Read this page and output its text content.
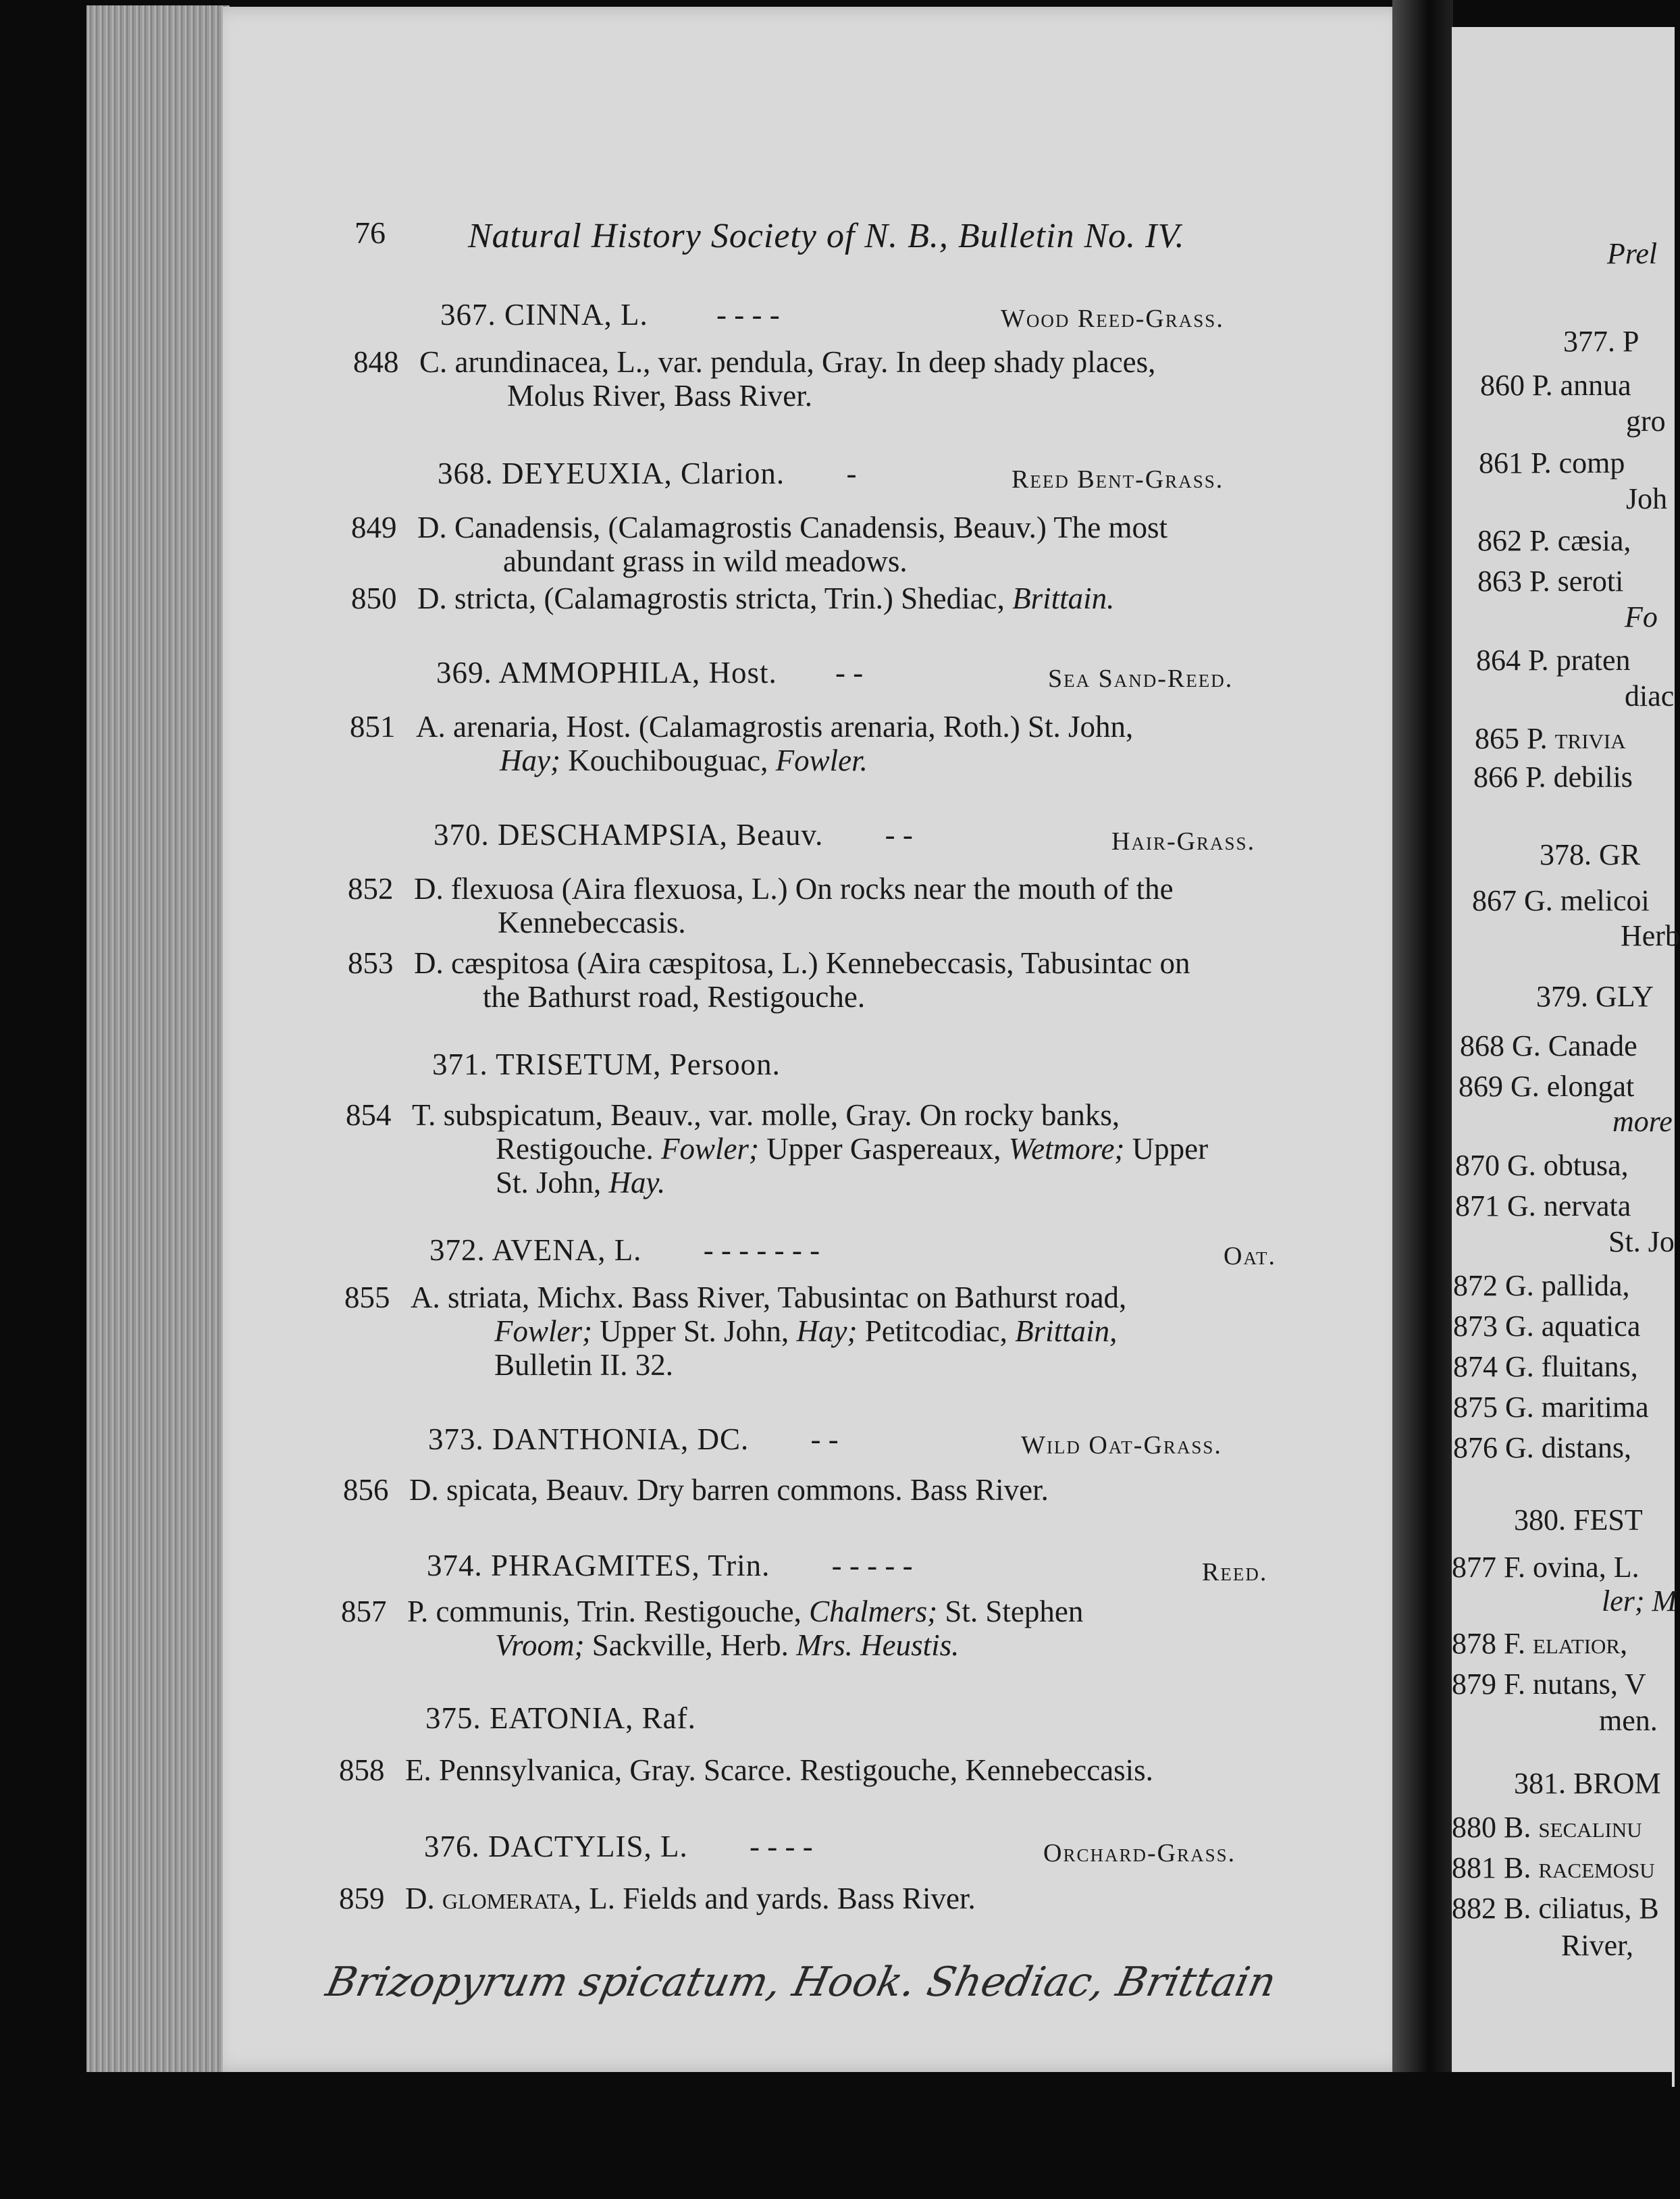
Prel
377. P
860 P. annua
gro
861 P. comp
Joh
862 P. cæsia,
863 P. seroti
Fo
864 P. praten
diac
865 P. trivia
866 P. debilis
378. GR
867 G. melicoi
Herb
379. GLY
868 G. Canade
869 G. elongat
more
870 G. obtusa,
871 G. nervata
St. Jo
872 G. pallida,
873 G. aquatica
874 G. fluitans,
875 G. maritima
876 G. distans,
380. FEST
877 F. ovina, L.
ler; M
878 F. elatior,
879 F. nutans, V
men.
381. BROM
880 B. secalinu
881 B. racemosu
882 B. ciliatus, B
River,
76 Natural History Society of N. B., Bulletin No. IV.
367. CINNA, L. - - - -	Wood Reed-Grass.
848 C. arundinacea, L., var. pendula, Gray. In deep shady places,
Molus River, Bass River.
368. DEYEUXIA, Clarion. -	Reed Bent-Grass.
849 D. Canadensis, (Calamagrostis Canadensis, Beauv.) The most
abundant grass in wild meadows.
850 D. stricta, (Calamagrostis stricta, Trin.) Shediac, Brittain.
369. AMMOPHILA, Host. - -	Sea Sand-Reed.
851 A. arenaria, Host. (Calamagrostis arenaria, Roth.) St. John,
Hay; Kouchibouguac, Fowler.
370. DESCHAMPSIA, Beauv. - -	Hair-Grass.
852 D. flexuosa (Aira flexuosa, L.) On rocks near the mouth of the
Kennebeccasis.
853 D. cæspitosa (Aira cæspitosa, L.) Kennebeccasis, Tabusintac on
the Bathurst road, Restigouche.
371. TRISETUM, Persoon.
854 T. subspicatum, Beauv., var. molle, Gray. On rocky banks,
Restigouche. Fowler; Upper Gaspereaux, Wetmore; Upper
St. John, Hay.
372. AVENA, L. - - - - - - -	Oat.
855 A. striata, Michx. Bass River, Tabusintac on Bathurst road,
Fowler; Upper St. John, Hay; Petitcodiac, Brittain,
Bulletin II. 32.
373. DANTHONIA, DC. - -	Wild Oat-Grass.
856 D. spicata, Beauv. Dry barren commons. Bass River.
374. PHRAGMITES, Trin. - - - - -	Reed.
857 P. communis, Trin. Restigouche, Chalmers; St. Stephen
Vroom; Sackville, Herb. Mrs. Heustis.
375. EATONIA, Raf.
858 E. Pennsylvanica, Gray. Scarce. Restigouche, Kennebeccasis.
376. DACTYLIS, L. - - - -	Orchard-Grass.
859 D. glomerata, L. Fields and yards. Bass River.
Brizopyrum spicatum, Hook. Shediac, Brittain
